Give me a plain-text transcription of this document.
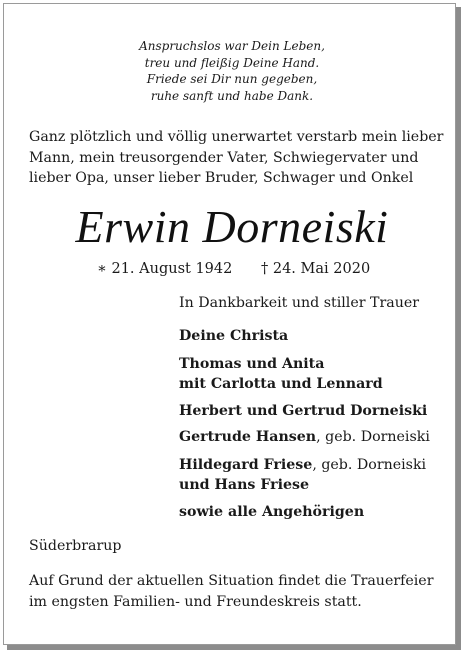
Anspruchslos war Dein Leben,
treu und fleißig Deine Hand.
Friede sei Dir nun gegeben,
ruhe sanft und habe Dank.
Ganz plötzlich und völlig unerwartet verstarb mein lieber
Mann, mein treusorgender Vater, Schwiegervater und
lieber Opa, unser lieber Bruder, Schwager und Onkel
Erwin Dorneiski
∗ 21. August 1942 † 24. Mai 2020
In Dankbarkeit und stiller Trauer
Deine Christa
Thomas und Anita
mit Carlotta und Lennard
Herbert und Gertrud Dorneiski
Gertrude Hansen, geb. Dorneiski
Hildegard Friese, geb. Dorneiski
und Hans Friese
sowie alle Angehörigen
Süderbrarup
Auf Grund der aktuellen Situation findet die Trauerfeier
im engsten Familien- und Freundeskreis statt.
